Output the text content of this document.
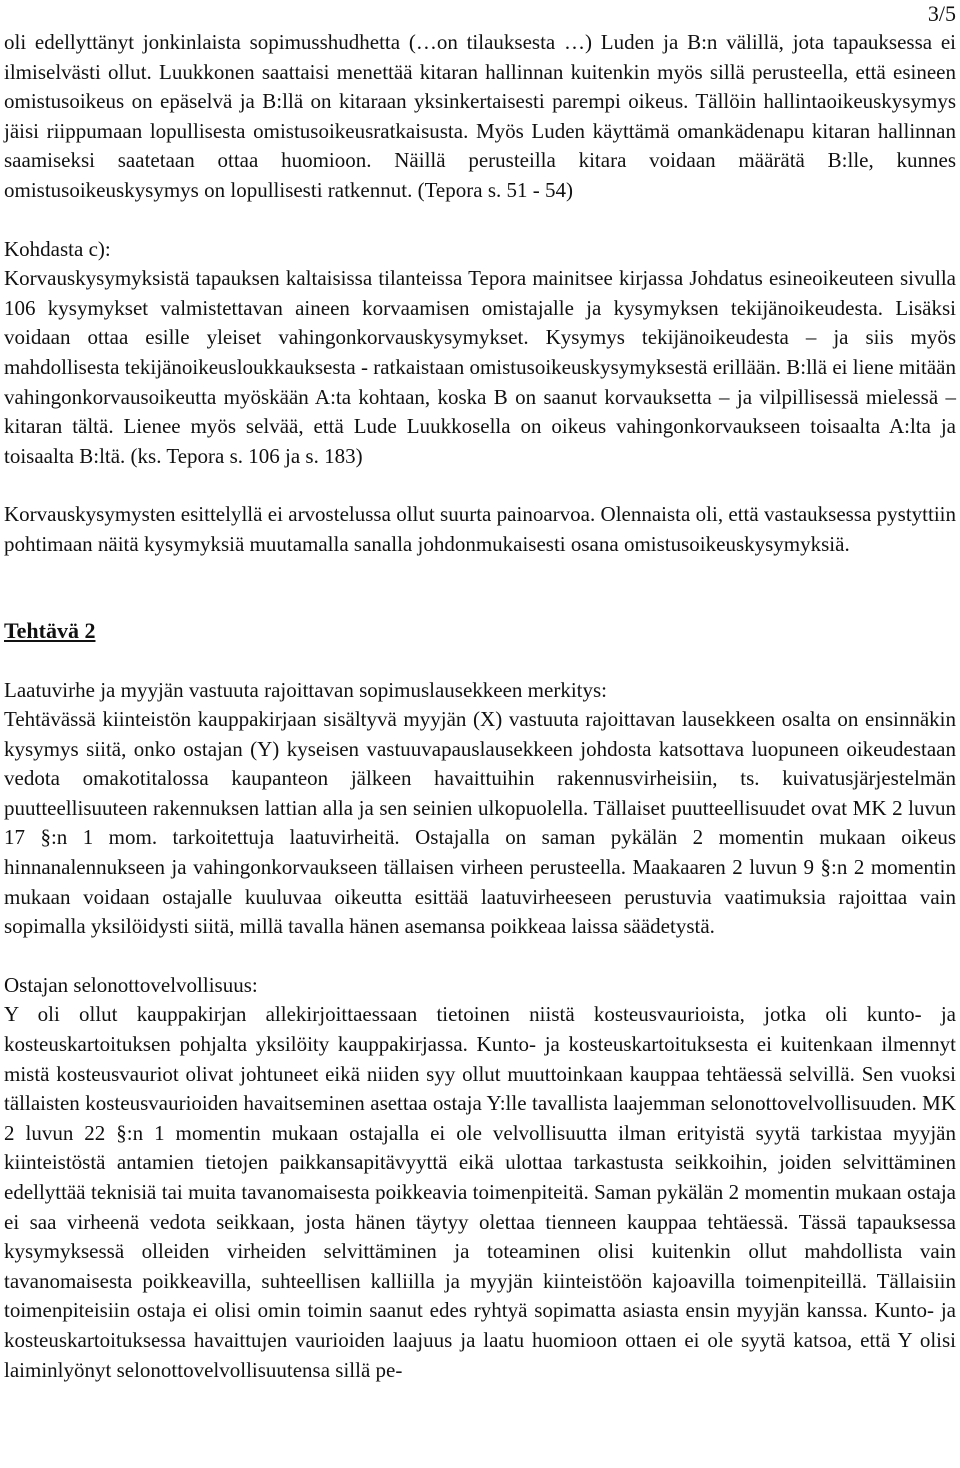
3/5

oli edellyttänyt jonkinlaista sopimusshudhetta (…on tilauksesta …) Luden ja B:n välillä, jota tapauksessa ei ilmiselvästi ollut. Luukkonen saattaisi menettää kitaran hallinnan kuitenkin myös sillä perusteella, että esineen omistusoikeus on epäselvä ja B:llä on kitaraan yksinkertaisesti parempi oikeus. Tällöin hallintaoikeuskysymys jäisi riippumaan lopullisesta omistusoikeusratkaisusta. Myös Luden käyttämä omankädenapu kitaran hallinnan saamiseksi saatetaan ottaa huomioon. Näillä perusteilla kitara voidaan määrätä B:lle, kunnes omistusoikeuskysymys on lopullisesti ratkennut. (Tepora s. 51 - 54)

Kohdasta c):

Korvauskysymyksistä tapauksen kaltaisissa tilanteissa Tepora mainitsee kirjassa Johdatus esineoikeuteen sivulla 106 kysymykset valmistettavan aineen korvaamisen omistajalle ja kysymyksen tekijänoikeudesta. Lisäksi voidaan ottaa esille yleiset vahingonkorvauskysymykset. Kysymys tekijänoikeudesta – ja siis myös mahdollisesta tekijänoikeusloukkauksesta - ratkaistaan omistusoikeuskysymyksestä erillään. B:llä ei liene mitään vahingonkorvausoikeutta myöskään A:ta kohtaan, koska B on saanut korvauksetta – ja vilpillisessä mielessä – kitaran tältä. Lienee myös selvää, että Lude Luukkosella on oikeus vahingonkorvaukseen toisaalta A:lta ja toisaalta B:ltä. (ks. Tepora s. 106 ja s. 183)

Korvauskysymysten esittelyllä ei arvostelussa ollut suurta painoarvoa. Olennaista oli, että vastauksessa pystyttiin pohtimaan näitä kysymyksiä muutamalla sanalla johdonmukaisesti osana omistusoikeuskysymyksiä.

Tehtävä 2

Laatuvirhe ja myyjän vastuuta rajoittavan sopimuslausekkeen merkitys:

Tehtävässä kiinteistön kauppakirjaan sisältyvä myyjän (X) vastuuta rajoittavan lausekkeen osalta on ensinnäkin kysymys siitä, onko ostajan (Y) kyseisen vastuuvapauslausekkeen johdosta katsottava luopuneen oikeudestaan vedota omakotitalossa kaupanteon jälkeen havaittuihin rakennusvirheisiin, ts. kuivatusjärjestelmän puutteellisuuteen rakennuksen lattian alla ja sen seinien ulkopuolella. Tällaiset puutteellisuudet ovat MK 2 luvun 17 §:n 1 mom. tarkoitettuja laatuvirheitä. Ostajalla on saman pykälän 2 momentin mukaan oikeus hinnanalennukseen ja vahingonkorvaukseen tällaisen virheen perusteella. Maakaaren 2 luvun 9 §:n 2 momentin mukaan voidaan ostajalle kuuluvaa oikeutta esittää laatuvirheeseen perustuvia vaatimuksia rajoittaa vain sopimalla yksilöidysti siitä, millä tavalla hänen asemansa poikkeaa laissa säädetystä.

Ostajan selonottovelvollisuus:

Y oli ollut kauppakirjan allekirjoittaessaan tietoinen niistä kosteusvaurioista, jotka oli kunto- ja kosteuskartoituksen pohjalta yksilöity kauppakirjassa. Kunto- ja kosteuskartoituksesta ei kuitenkaan ilmennyt mistä kosteusvauriot olivat johtuneet eikä niiden syy ollut muuttoinkaan kauppaa tehtäessä selvillä. Sen vuoksi tällaisten kosteusvaurioiden havaitseminen asettaa ostaja Y:lle tavallista laajemman selonottovelvollisuuden. MK 2 luvun 22 §:n 1 momentin mukaan ostajalla ei ole velvollisuutta ilman erityistä syytä tarkistaa myyjän kiinteistöstä antamien tietojen paikkansapitävyyttä eikä ulottaa tarkastusta seikkoihin, joiden selvittäminen edellyttää teknisiä tai muita tavanomaisesta poikkeavia toimenpiteitä. Saman pykälän 2 momentin mukaan ostaja ei saa virheenä vedota seikkaan, josta hänen täytyy olettaa tienneen kauppaa tehtäessä. Tässä tapauksessa kysymyksessä olleiden virheiden selvittäminen ja toteaminen olisi kuitenkin ollut mahdollista vain tavanomaisesta poikkeavilla, suhteellisen kalliilla ja myyjän kiinteistöön kajoavilla toimenpiteillä. Tällaisiin toimenpiteisiin ostaja ei olisi omin toimin saanut edes ryhtyä sopimatta asiasta ensin myyjän kanssa. Kunto- ja kosteuskartoituksessa havaittujen vaurioiden laajuus ja laatu huomioon ottaen ei ole syytä katsoa, että Y olisi laiminlyönyt selonottovelvollisuutensa sillä pe-
